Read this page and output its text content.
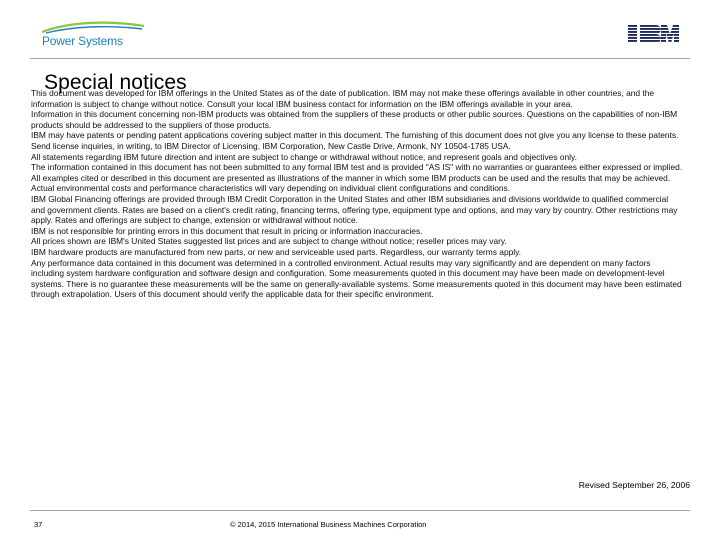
Power Systems
Special notices

This document was developed for IBM offerings in the United States as of the date of publication. IBM may not make these offerings available in other countries, and the information is subject to change without notice. Consult your local IBM business contact for information on the IBM offerings available in your area.

Information in this document concerning non-IBM products was obtained from the suppliers of these products or other public sources. Questions on the capabilities of non-IBM products should be addressed to the suppliers of those products.

IBM may have patents or pending patent applications covering subject matter in this document. The furnishing of this document does not give you any license to these patents. Send license inquiries, in writing, to IBM Director of Licensing, IBM Corporation, New Castle Drive, Armonk, NY 10504-1785 USA.

All statements regarding IBM future direction and intent are subject to change or withdrawal without notice, and represent goals and objectives only.

The information contained in this document has not been submitted to any formal IBM test and is provided "AS IS" with no warranties or guarantees either expressed or implied.

All examples cited or described in this document are presented as illustrations of the manner in which some IBM products can be used and the results that may be achieved. Actual environmental costs and performance characteristics will vary depending on individual client configurations and conditions.

IBM Global Financing offerings are provided through IBM Credit Corporation in the United States and other IBM subsidiaries and divisions worldwide to qualified commercial and government clients. Rates are based on a client's credit rating, financing terms, offering type, equipment type and options, and may vary by country. Other restrictions may apply. Rates and offerings are subject to change, extension or withdrawal without notice.

IBM is not responsible for printing errors in this document that result in pricing or information inaccuracies.

All prices shown are IBM's United States suggested list prices and are subject to change without notice; reseller prices may vary.

IBM hardware products are manufactured from new parts, or new and serviceable used parts. Regardless, our warranty terms apply.

Any performance data contained in this document was determined in a controlled environment. Actual results may vary significantly and are dependent on many factors including system hardware configuration and software design and configuration. Some measurements quoted in this document may have been made on development-level systems. There is no guarantee these measurements will be the same on generally-available systems. Some measurements quoted in this document may have been estimated through extrapolation. Users of this document should verify the applicable data for their specific environment.

Revised September 26, 2006
37	© 2014, 2015 International Business Machines Corporation
